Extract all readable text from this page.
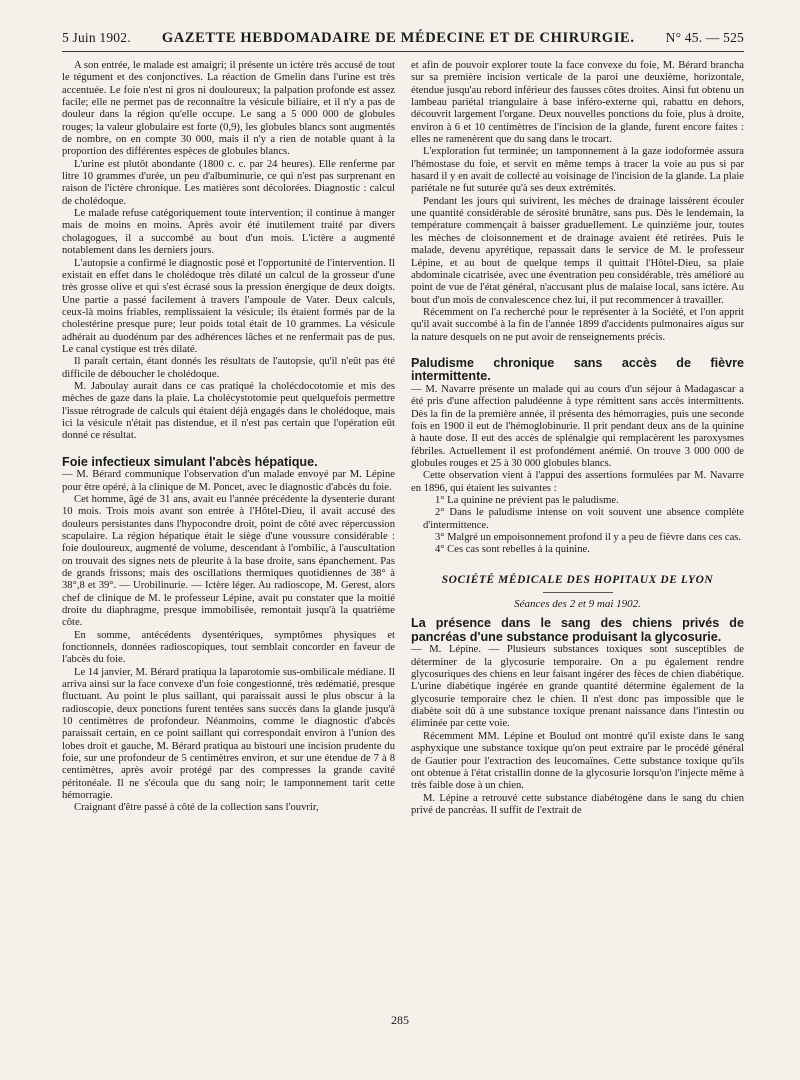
5 Juin 1902. GAZETTE HEBDOMADAIRE DE MÉDECINE ET DE CHIRURGIE. N° 45. — 525

A son entrée, le malade est amaigri; il présente un ictère très accusé de tout le tégument et des conjonctives. La réaction de Gmelin dans l'urine est très accentuée. Le foie n'est ni gros ni douloureux; la palpation profonde est assez facile; elle ne permet pas de reconnaître la vésicule biliaire, et il n'y a pas de douleur dans la région qu'elle occupe. Le sang a 5 000 000 de globules rouges; la valeur globulaire est forte (0,9), les globules blancs sont augmentés de nombre, on en compte 30 000, mais il n'y a rien de notable quant à la proportion des différentes espèces de globules blancs.

L'urine est plutôt abondante (1800 c. c. par 24 heures). Elle renferme par litre 10 grammes d'urée, un peu d'albuminurie, ce qui n'est pas surprenant en raison de l'ictère chronique. Les matières sont décolorées. Diagnostic : calcul de cholédoque.

Le malade refuse catégoriquement toute intervention; il continue à manger mais de moins en moins. Après avoir été inutilement traité par divers cholagogues, il a succombé au bout d'un mois. L'ictère a augmenté notablement dans les derniers jours.

L'autopsie a confirmé le diagnostic posé et l'opportunité de l'intervention. Il existait en effet dans le cholédoque très dilaté un calcul de la grosseur d'une très grosse olive et qui s'est écrasé sous la pression énergique de deux doigts. Une partie a passé facilement à travers l'ampoule de Vater. Deux calculs, ceux-là moins friables, remplissaient la vésicule; ils étaient formés par de la cholestérine presque pure; leur poids total était de 10 grammes. La vésicule adhérait au duodénum par des adhérences lâches et ne renfermait pas de pus. Le canal cystique est très dilaté.

Il paraît certain, étant donnés les résultats de l'autopsie, qu'il n'eût pas été difficile de déboucher le cholédoque.

M. Jaboulay aurait dans ce cas pratiqué la cholécdocotomie et mis des mèches de gaze dans la plaie. La cholécystotomie peut quelquefois permettre l'issue rétrograde de calculs qui étaient déjà engagés dans le cholédoque, mais ici la vésicule n'était pas distendue, et il n'est pas certain que l'opération eût donné ce résultat.

Foie infectieux simulant l'abcès hépatique.

— M. Bérard communique l'observation d'un malade envoyé par M. Lépine pour être opéré, à la clinique de M. Poncet, avec le diagnostic d'abcès du foie.

Cet homme, âgé de 31 ans, avait eu l'année précédente la dysenterie durant 10 mois. Trois mois avant son entrée à l'Hôtel-Dieu, il avait accusé des douleurs persistantes dans l'hypocondre droit, point de côté avec répercussion scapulaire. La région hépatique était le siège d'une voussure considérable : foie douloureux, augmenté de volume, descendant à l'ombilic, à l'auscultation on trouvait des signes nets de pleurite à la base droite, sans épanchement. Pas de grands frissons; mais des oscillations thermiques quotidiennes de 38° à 38°,8 et 39°. — Urobilinurie. — Ictère léger. Au radioscope, M. Gerest, alors chef de clinique de M. le professeur Lépine, avait pu constater que la moitié droite du diaphragme, presque immobilisée, remontait jusqu'à la quatrième côte.

En somme, antécédents dysentériques, symptômes physiques et fonctionnels, données radioscopiques, tout semblait concorder en faveur de l'abcès du foie.

Le 14 janvier, M. Bérard pratiqua la laparotomie sus-ombilicale médiane. Il arriva ainsi sur la face convexe d'un foie congestionné, très œdématié, presque fluctuant. Au point le plus saillant, qui paraissait aussi le plus obscur à la radioscopie, deux ponctions furent tentées sans succès dans la glande jusqu'à 10 centimètres de profondeur. Néanmoins, comme le diagnostic d'abcès paraissait certain, en ce point saillant qui correspondait environ à l'union des lobes droit et gauche, M. Bérard pratiqua au bistouri une incision prudente du foie, sur une profondeur de 5 centimètres environ, et sur une étendue de 7 à 8 centimètres, après avoir protégé par des compresses la grande cavité péritonéale. Il ne s'écoula que du sang noir; le tamponnement tarit cette hémorragie.

Craignant d'être passé à côté de la collection sans l'ouvrir,

et afin de pouvoir explorer toute la face convexe du foie, M. Bérard brancha sur sa première incision verticale de la paroi une deuxième, horizontale, étendue jusqu'au rebord inférieur des fausses côtes droites. Ainsi fut obtenu un lambeau pariétal triangulaire à base inféro-externe qui, rabattu en dehors, découvrit largement l'organe. Deux nouvelles ponctions du foie, plus à droite, environ à 6 et 10 centimètres de l'incision de la glande, furent encore faites : elles ne ramenèrent que du sang dans le trocart.

L'exploration fut terminée; un tamponnement à la gaze iodoformée assura l'hémostase du foie, et servit en même temps à tracer la voie au pus si par hasard il y en avait de collecté au voisinage de l'incision de la glande. La plaie pariétale ne fut suturée qu'à ses deux extrémités.

Pendant les jours qui suivirent, les mèches de drainage laissèrent écouler une quantité considérable de sérosité brunâtre, sans pus. Dès le lendemain, la température commençait à baisser graduellement. Le quinzième jour, toutes les mèches de cloisonnement et de drainage avaient été retirées. Puis le malade, devenu apyrétique, repassait dans le service de M. le professeur Lépine, et au bout de quelque temps il quittait l'Hôtel-Dieu, sa plaie abdominale cicatrisée, avec une éventration peu considérable, très amélioré au point de vue de l'état général, n'accusant plus de malaise local, sans ictère. Au bout d'un mois de convalescence chez lui, il put recommencer à travailler.

Récemment on l'a recherché pour le représenter à la Société, et l'on apprit qu'il avait succombé à la fin de l'année 1899 d'accidents pulmonaires aigus sur la nature desquels on ne put avoir de renseignements précis.

Paludisme chronique sans accès de fièvre intermittente.

— M. Navarre présente un malade qui au cours d'un séjour à Madagascar a été pris d'une affection paludéenne à type rémittent sans accès intermittents. Dès la fin de la première année, il présenta des hémorragies, puis une seconde fois en 1900 il eut de l'hémoglobinurie. Il prit pendant deux ans de la quinine à haute dose. Il eut des accès de splénalgie qui remplacèrent les paroxysmes fébriles. Actuellement il est profondément anémié. On trouve 3 000 000 de globules rouges et 25 à 30 000 globules blancs.

Cette observation vient à l'appui des assertions formulées par M. Navarre en 1896, qui étaient les suivantes :

1° La quinine ne prévient pas le paludisme.

2° Dans le paludisme intense on voit souvent une absence complète d'intermittence.

3° Malgré un empoisonnement profond il y a peu de fièvre dans ces cas.

4° Ces cas sont rebelles à la quinine.

SOCIÉTÉ MÉDICALE DES HOPITAUX DE LYON
Séances des 2 et 9 mai 1902.
La présence dans le sang des chiens privés de pancréas d'une substance produisant la glycosurie.

— M. Lépine. — Plusieurs substances toxiques sont susceptibles de déterminer de la glycosurie temporaire. On a pu également rendre glycosuriques des chiens en leur faisant ingérer des fèces de chien diabétique. L'urine diabétique ingérée en grande quantité détermine également de la glycosurie temporaire chez le chien. Il n'est donc pas impossible que le diabète soit dû à une substance toxique prenant naissance dans l'intestin ou éliminée par cette voie.

Récemment MM. Lépine et Boulud ont montré qu'il existe dans le sang asphyxique une substance toxique qu'on peut extraire par le procédé général de Gautier pour l'extraction des leucomaïnes. Cette substance toxique qu'ils ont obtenue à l'état cristallin donne de la glycosurie lorsqu'on l'injecte même à très faible dose à un chien.

M. Lépine a retrouvé cette substance diabétogène dans le sang du chien privé de pancréas. Il suffit de l'extrait de

285
